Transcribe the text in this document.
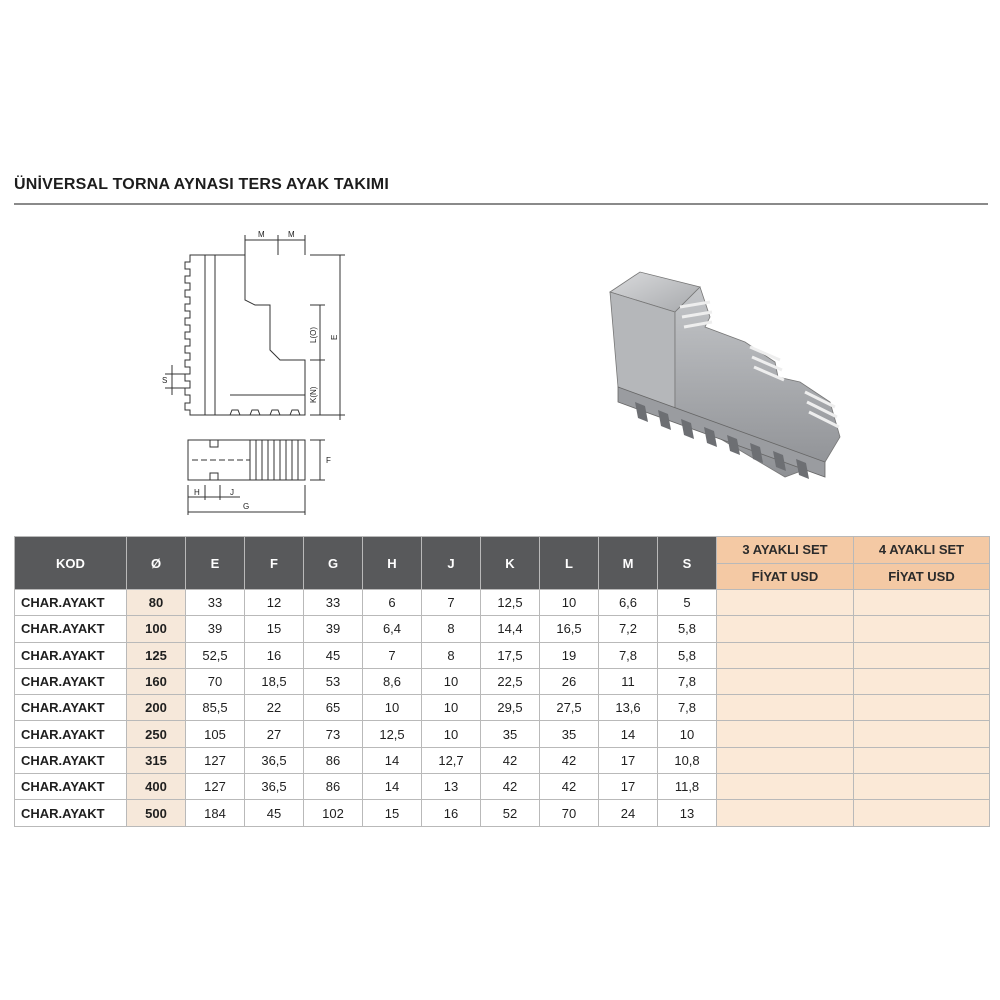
ÜNİVERSAL TORNA AYNASI TERS AYAK TAKIMI
M	M
L(O) E
K(N)
S
F
H	J
G
KOD	Ø	E	F	G	H	J	K	L	M	S	3 AYAKLI SET	4 AYAKLI SET
											FİYAT USD	FİYAT USD
CHAR.AYAKT	80	33	12	33	6	7	12,5	10	6,6	5		
CHAR.AYAKT	100	39	15	39	6,4	8	14,4	16,5	7,2	5,8		
CHAR.AYAKT	125	52,5	16	45	7	8	17,5	19	7,8	5,8		
CHAR.AYAKT	160	70	18,5	53	8,6	10	22,5	26	11	7,8		
CHAR.AYAKT	200	85,5	22	65	10	10	29,5	27,5	13,6	7,8		
CHAR.AYAKT	250	105	27	73	12,5	10	35	35	14	10		
CHAR.AYAKT	315	127	36,5	86	14	12,7	42	42	17	10,8		
CHAR.AYAKT	400	127	36,5	86	14	13	42	42	17	11,8		
CHAR.AYAKT	500	184	45	102	15	16	52	70	24	13		
